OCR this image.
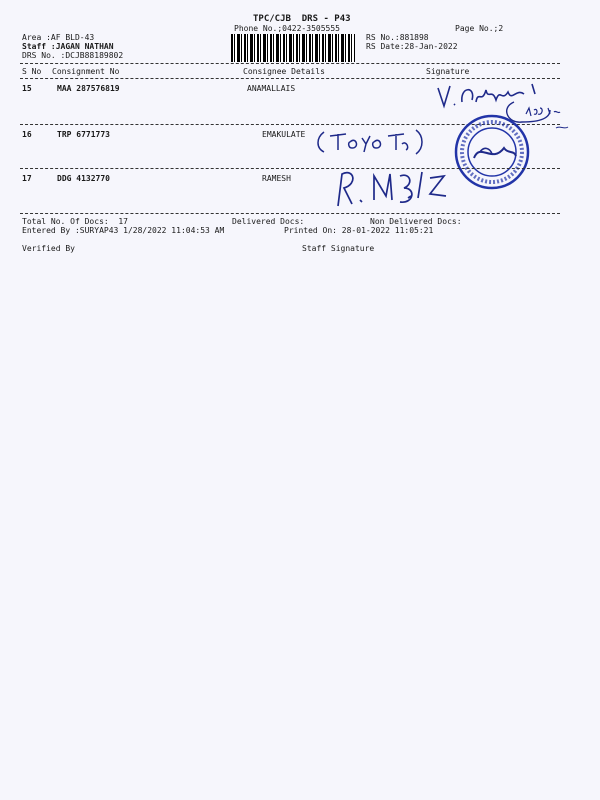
TPC/CJB  DRS - P43
Phone No.;0422-3505555	Page No.;2
Area :AF BLD-43
Staff :JAGAN NATHAN
DRS No. :DCJB88189802
RS No.:881898
RS Date:28-Jan-2022
S No Consignment No	Consignee Details	Signature
15	MAA 287576819	ANAMALLAIS
16	TRP 6771773	EMAKULATE
17	DDG 4132770	RAMESH
Total No. Of Docs:  17	Delivered Docs:	Non Delivered Docs:
Entered By :SURYAP43 1/28/2022 11:04:53 AM	Printed On: 28-01-2022 11:05:21
Verified By	Staff Signature
